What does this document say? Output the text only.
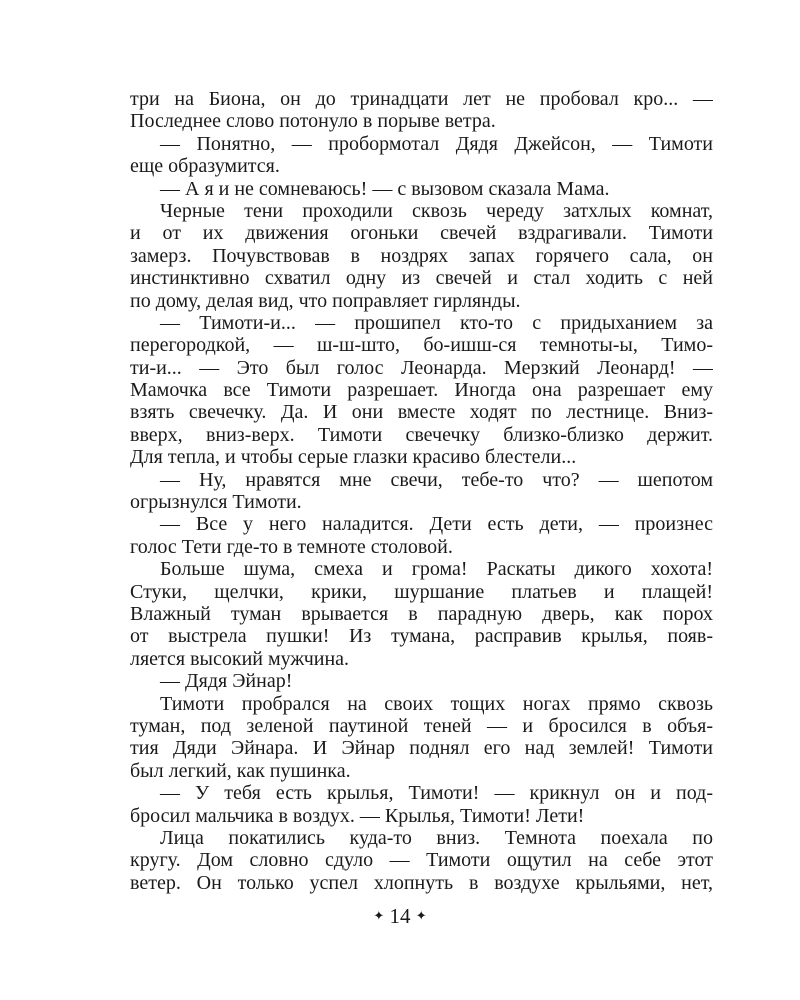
три на Биона, он до тринадцати лет не пробовал кро... —
Последнее слово потонуло в порыве ветра.
— Понятно, — пробормотал Дядя Джейсон, — Тимоти
еще образумится.
— А я и не сомневаюсь! — с вызовом сказала Мама.
Черные тени проходили сквозь череду затхлых комнат,
и от их движения огоньки свечей вздрагивали. Тимоти
замерз. Почувствовав в ноздрях запах горячего сала, он
инстинктивно схватил одну из свечей и стал ходить с ней
по дому, делая вид, что поправляет гирлянды.
— Тимоти-и... — прошипел кто-то с придыханием за
перегородкой, — ш-ш-што, бо-ишш-ся темноты-ы, Тимо-
ти-и... — Это был голос Леонарда. Мерзкий Леонард! —
Мамочка все Тимоти разрешает. Иногда она разрешает ему
взять свечечку. Да. И они вместе ходят по лестнице. Вниз-
вверх, вниз-верх. Тимоти свечечку близко-близко держит.
Для тепла, и чтобы серые глазки красиво блестели...
— Ну, нравятся мне свечи, тебе-то что? — шепотом
огрызнулся Тимоти.
— Все у него наладится. Дети есть дети, — произнес
голос Тети где-то в темноте столовой.
Больше шума, смеха и грома! Раскаты дикого хохота!
Стуки, щелчки, крики, шуршание платьев и плащей!
Влажный туман врывается в парадную дверь, как порох
от выстрела пушки! Из тумана, расправив крылья, появ-
ляется высокий мужчина.
— Дядя Эйнар!
Тимоти пробрался на своих тощих ногах прямо сквозь
туман, под зеленой паутиной теней — и бросился в объя-
тия Дяди Эйнара. И Эйнар поднял его над землей! Тимоти
был легкий, как пушинка.
— У тебя есть крылья, Тимоти! — крикнул он и под-
бросил мальчика в воздух. — Крылья, Тимоти! Лети!
Лица покатились куда-то вниз. Темнота поехала по
кругу. Дом словно сдуло — Тимоти ощутил на себе этот
ветер. Он только успел хлопнуть в воздухе крыльями, нет,
✦ 14 ✦
